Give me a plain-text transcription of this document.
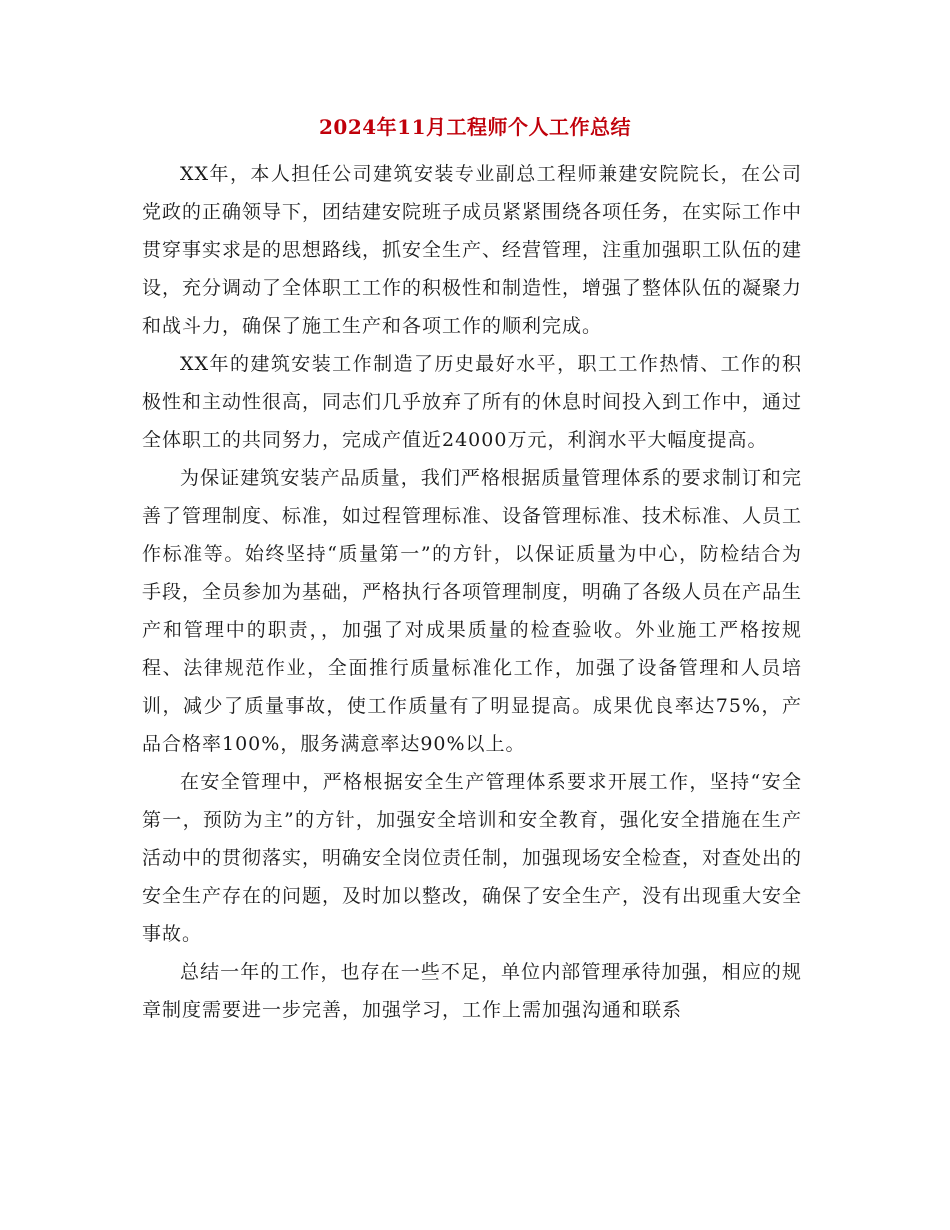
2024年11月工程师个人工作总结

XX年，本人担任公司建筑安装专业副总工程师兼建安院院长，在公司党政的正确领导下，团结建安院班子成员紧紧围绕各项任务，在实际工作中贯穿事实求是的思想路线，抓安全生产、经营管理，注重加强职工队伍的建设，充分调动了全体职工工作的积极性和制造性，增强了整体队伍的凝聚力和战斗力，确保了施工生产和各项工作的顺利完成。

XX年的建筑安装工作制造了历史最好水平，职工工作热情、工作的积极性和主动性很高，同志们几乎放弃了所有的休息时间投入到工作中，通过全体职工的共同努力，完成产值近24000万元，利润水平大幅度提高。

为保证建筑安装产品质量，我们严格根据质量管理体系的要求制订和完善了管理制度、标准，如过程管理标准、设备管理标准、技术标准、人员工作标准等。始终坚持“质量第一”的方针，以保证质量为中心，防检结合为手段，全员参加为基础，严格执行各项管理制度，明确了各级人员在产品生产和管理中的职责，，加强了对成果质量的检查验收。外业施工严格按规程、法律规范作业，全面推行质量标准化工作，加强了设备管理和人员培训，减少了质量事故，使工作质量有了明显提高。成果优良率达75%，产品合格率100%，服务满意率达90%以上。

在安全管理中，严格根据安全生产管理体系要求开展工作，坚持“安全第一，预防为主”的方针，加强安全培训和安全教育，强化安全措施在生产活动中的贯彻落实，明确安全岗位责任制，加强现场安全检查，对查处出的安全生产存在的问题，及时加以整改，确保了安全生产，没有出现重大安全事故。

总结一年的工作，也存在一些不足，单位内部管理承待加强，相应的规章制度需要进一步完善，加强学习，工作上需加强沟通和联系
